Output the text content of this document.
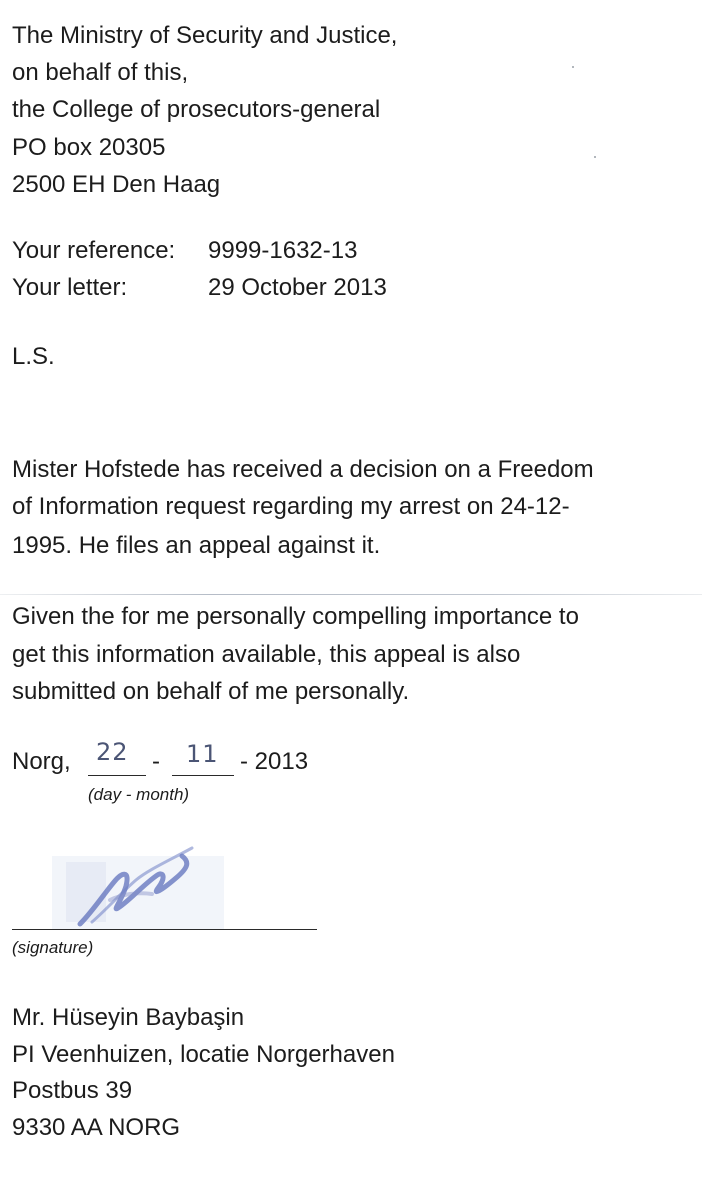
The Ministry of Security and Justice,
on behalf of this,
the College of prosecutors-general
PO box 20305
2500 EH Den Haag
Your reference: 9999-1632-13
Your letter:	29 October 2013
L.S.
Mister Hofstede has received a decision on a Freedom
of Information request regarding my arrest on 24-12-
1995. He files an appeal against it.
Given the for me personally compelling importance to
get this information available, this appeal is also
submitted on behalf of me personally.
Norg, 22 - 11 - 2013
(day - month)
(signature)
Mr. Hüseyin Baybaşin
PI Veenhuizen, locatie Norgerhaven
Postbus 39
9330 AA NORG
